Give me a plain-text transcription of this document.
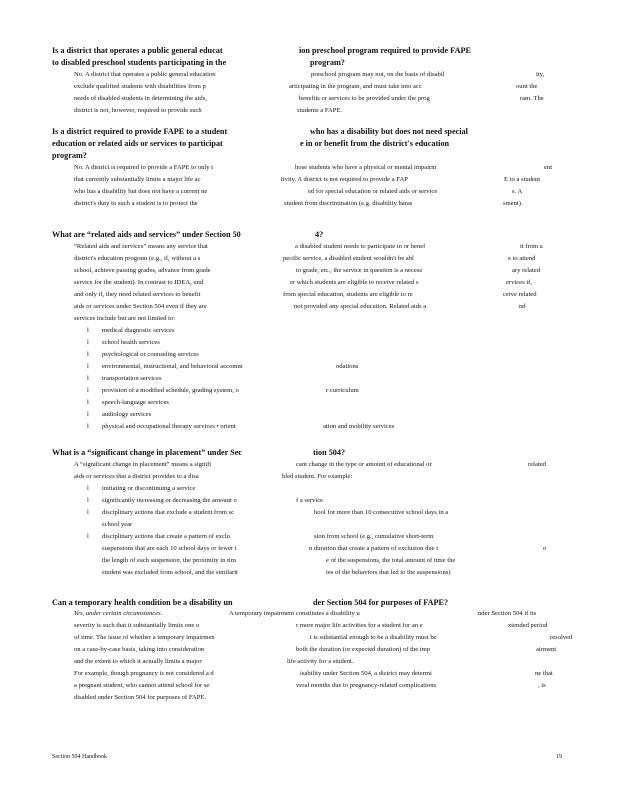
Is a district that operates a public general educat	ion preschool program required to provide FAPE

to disabled preschool students participating in the	program?

No. A district that operates a public general education	preschool program may not, on the basis of disabil	ity,

exclude qualified students with disabilities from p	articipating in the program, and must take into acc	ount the

needs of disabled students in determining the aids,	benefits or services to be provided under the prog	ram. The

district is not, however, required to provide such	students a FAPE.

Is a district required to provide FAPE to a student	who has a disability but does not need special

education or related aids or services to participat	e in or benefit from the district's education

program?

No. A district is required to provide a FAPE to only t	hose students who have a physical or mental impairm	ent

that currently substantially limits a major life ac	tivity. A district is not required to provide a FAP	E to a student

who has a disability but does not have a current ne	ed for special education or related aids or service	s. A

district's duty to such a student is to protect the	student from discrimination (e.g. disability haras	sment).

What are “related aids and services” under Section 50	4?

“Related aids and services” means any service that	a disabled student needs to participate in or benef	it from a

district's education program (e.g., if, without a s	pecific service, a disabled student wouldn't be abl	e to attend

school, achieve passing grades, advance from grade	to grade, etc., the service in question is a necess	ary related

service for the student). In contrast to IDEA, und	er which students are eligible to receive related s	ervices if,

and only if, they need related services to benefit	from special education, students are eligible to re	ceive related

aids or services under Section 504 even if they are	not provided any special education. Related aids a	nd

services include but are not limited to:

l medical diagnostic services

l school health services

l psychological or counseling services

l environmental, instructional, and behavioral accomm	odations

l transportation services

l provision of a modified schedule, grading system, o	r curriculum

l speech-language services

l audiology services

l physical and occupational therapy services • orient	ation and mobility services

What is a “significant change in placement” under Sec	tion 504?

A “significant change in placement” means a signifi	cant change in the type or amount of educational or	related

aids or services that a district provides to a disa	bled student. For example:

l initiating or discontinuing a service

l significantly increasing or decreasing the amount o	f a service

l disciplinary actions that exclude a student from sc	hool for more than 10 consecutive school days in a

school year

l disciplinary actions that create a pattern of exclu	sion from school (e.g., cumulative short-term

suspensions that are each 10 school days or fewer i	n duration that create a pattern of exclusion due t	o

the length of each suspension, the proximity in tim	e of the suspensions, the total amount of time the

student was excluded from school, and the similarit	ies of the behaviors that led to the suspensions)

Can a temporary health condition be a disability un	der Section 504 for purposes of FAPE?

Yes, under certain circumstances.	A temporary impairment constitutes a disability u	nder Section 504 if its

severity is such that it substantially limits one o	r more major life activities for a student for an e	xtended period

of time. The issue of whether a temporary impairmen	t is substantial enough to be a disability must be	resolved

on a case-by-case basis, taking into consideration	both the duration (or expected duration) of the imp	airment

and the extent to which it actually limits a major	life activity for a student.

For example, though pregnancy is not considered a d	isability under Section 504, a district may determi	ne that

a pregnant student, who cannot attend school for se	veral months due to pregnancy-related complications	, is

disabled under Section 504 for purposes of FAPE.

Section 504 Handbook	19
